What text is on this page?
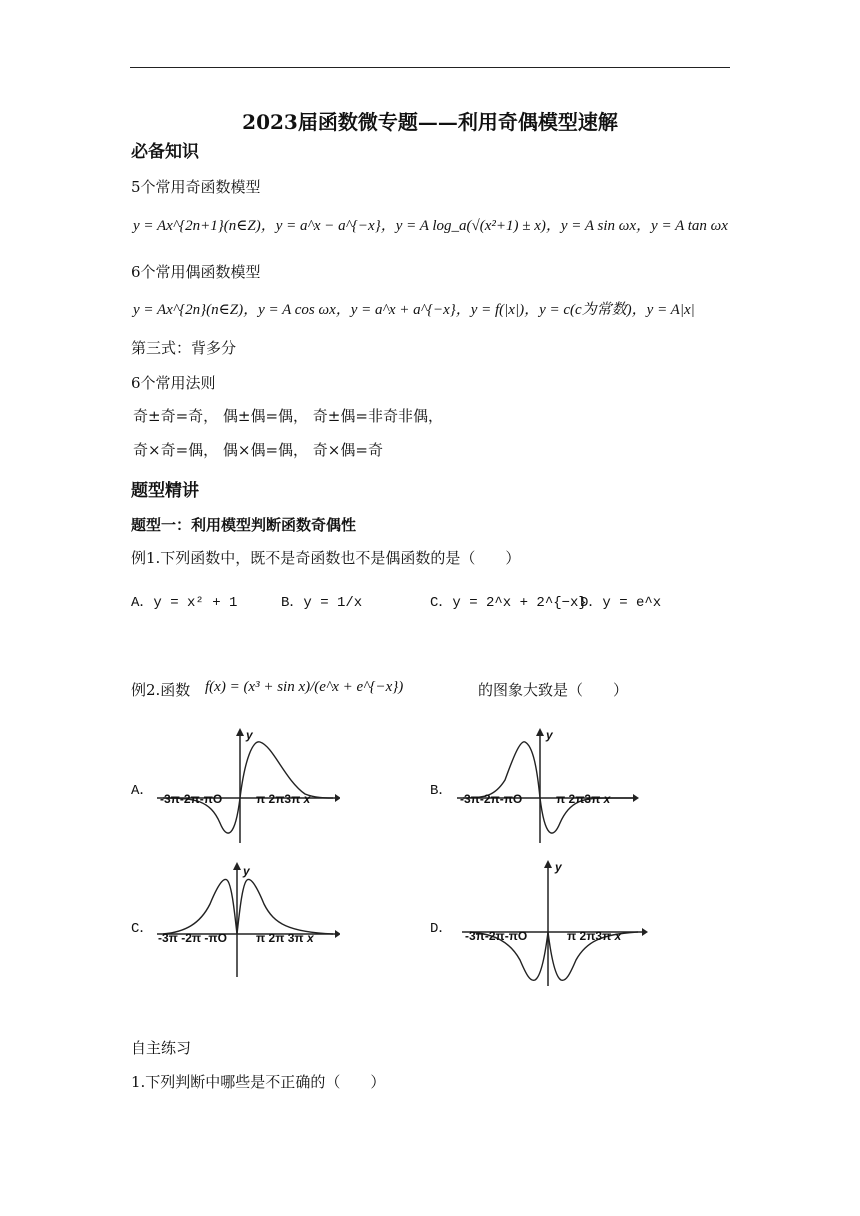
2023届函数微专题——利用奇偶模型速解
必备知识
5个常用奇函数模型
y = Ax^{2n+1}(n∈Z)，y = a^x − a^{−x}，y = A log_a(√(x²+1) ± x)，y = A sin ωx，y = A tan ωx
6个常用偶函数模型
y = Ax^{2n}(n∈Z)，y = A cos ωx，y = a^x + a^{−x}，y = f(|x|)，y = c(c为常数)，y = A|x|
第三式：背多分
6个常用法则
奇±奇=奇， 偶±偶=偶， 奇±偶=非奇非偶，
奇×奇=偶， 偶×偶=偶， 奇×偶=奇
题型精讲
题型一：利用模型判断函数奇偶性
例1.下列函数中，既不是奇函数也不是偶函数的是（　　）
A．y = x² + 1	B．y = 1/x	C．y = 2^x + 2^{−x}
D．y = e^x
例2.函数 f(x) = (x³ + sin x)/(e^x + e^{−x})	的图象大致是（　　）
A．	B．
C．	D．
-3π-2π-πO	π 2π3π x
y
-3π-2π-πO	π 2π3π x
y
-3π -2π -πO π 2π 3π x
y
-3π-2π-πO	π 2π3π x
y
自主练习
1.下列判断中哪些是不正确的（　　）
